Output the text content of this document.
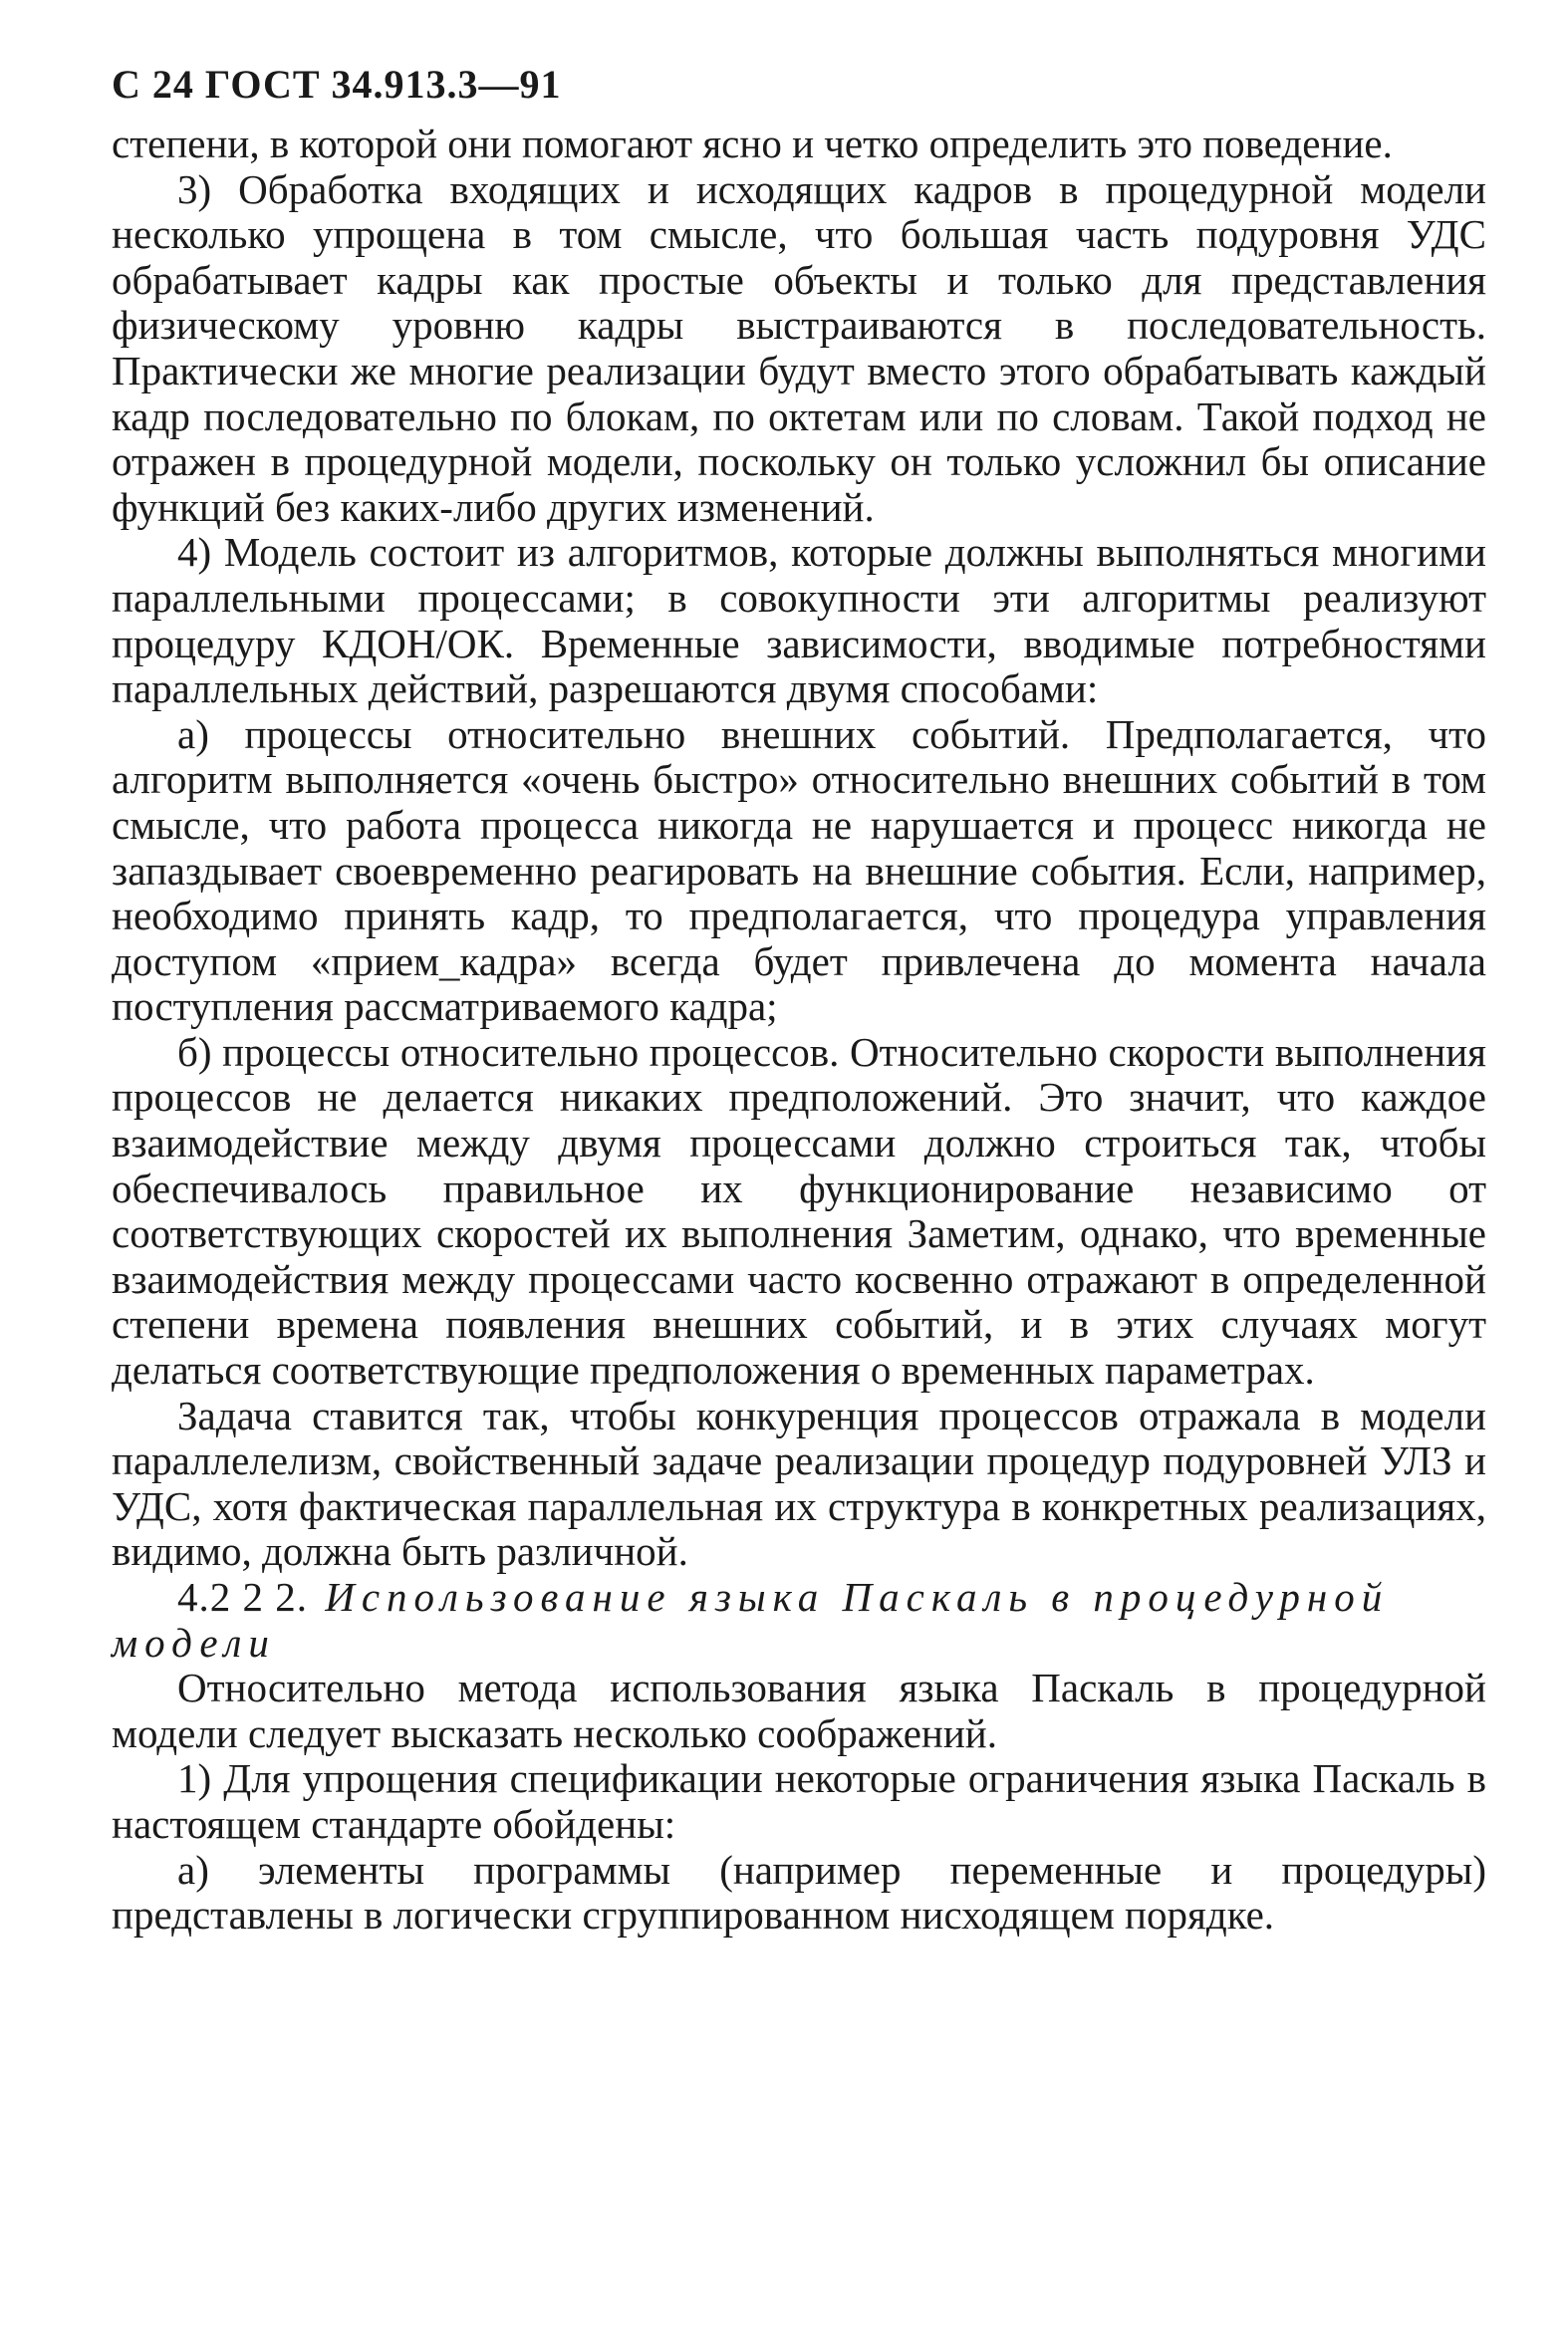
С 24 ГОСТ 34.913.3—91

степени, в которой они помогают ясно и четко определить это поведение.

3) Обработка входящих и исходящих кадров в процедурной модели несколько упрощена в том смысле, что большая часть подуровня УДС обрабатывает кадры как простые объекты и только для представления физическому уровню кадры выстраиваются в последовательность. Практически же многие реализации будут вместо этого обрабатывать каждый кадр последовательно по блокам, по октетам или по словам. Такой подход не отражен в процедурной модели, поскольку он только усложнил бы описание функций без каких-либо других изменений.

4) Модель состоит из алгоритмов, которые должны выполняться многими параллельными процессами; в совокупности эти алгоритмы реализуют процедуру КДОН/ОК. Временные зависимости, вводимые потребностями параллельных действий, разрешаются двумя способами:

а) процессы относительно внешних событий. Предполагается, что алгоритм выполняется «очень быстро» относительно внешних событий в том смысле, что работа процесса никогда не нарушается и процесс никогда не запаздывает своевременно реагировать на внешние события. Если, например, необходимо принять кадр, то предполагается, что процедура управления доступом «прием_кадра» всегда будет привлечена до момента начала поступления рассматриваемого кадра;

б) процессы относительно процессов. Относительно скорости выполнения процессов не делается никаких предположений. Это значит, что каждое взаимодействие между двумя процессами должно строиться так, чтобы обеспечивалось правильное их функционирование независимо от соответствующих скоростей их выполнения Заметим, однако, что временные взаимодействия между процессами часто косвенно отражают в определенной степени времена появления внешних событий, и в этих случаях могут делаться соответствующие предположения о временных параметрах.

Задача ставится так, чтобы конкуренция процессов отражала в модели параллелелизм, свойственный задаче реализации процедур подуровней УЛЗ и УДС, хотя фактическая параллельная их структура в конкретных реализациях, видимо, должна быть различной.

4.2 2 2. Использование языка Паскаль в процедурной модели

Относительно метода использования языка Паскаль в процедурной модели следует высказать несколько соображений.

1) Для упрощения спецификации некоторые ограничения языка Паскаль в настоящем стандарте обойдены:

а) элементы программы (например переменные и процедуры) представлены в логически сгруппированном нисходящем порядке.
